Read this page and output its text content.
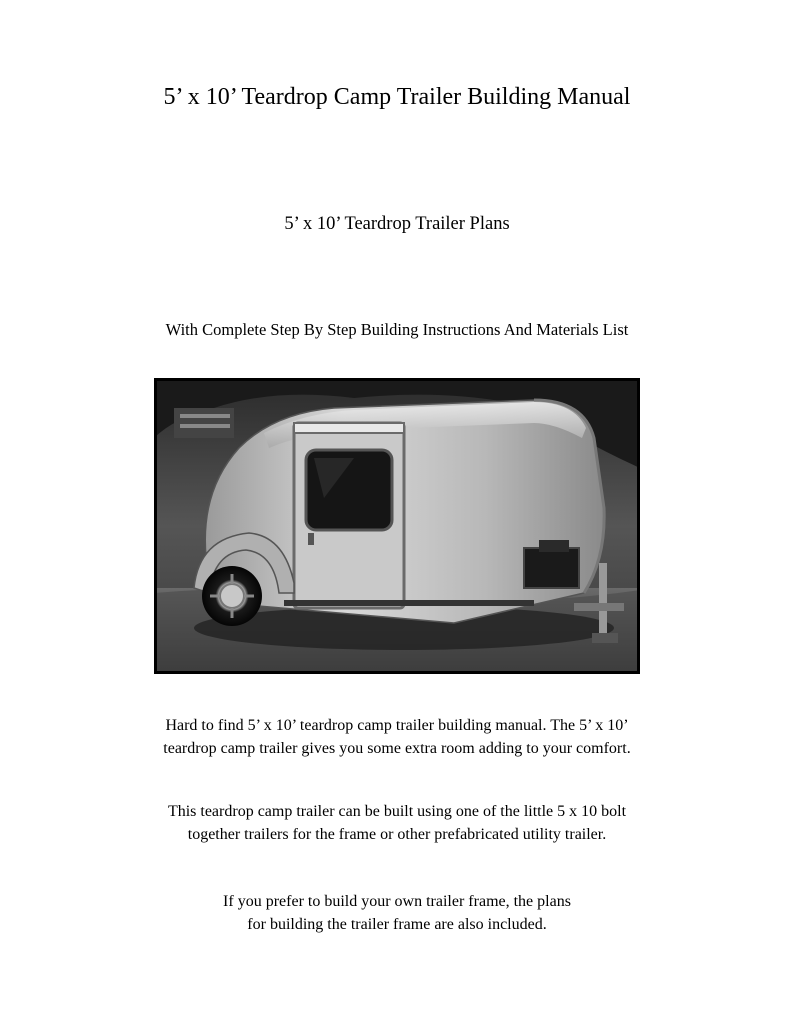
5’ x 10’ Teardrop Camp Trailer Building Manual
5’ x 10’ Teardrop Trailer Plans
With Complete Step By Step Building Instructions And Materials List
Hard to find 5’ x 10’ teardrop camp trailer building manual. The 5’ x 10’
teardrop camp trailer gives you some extra room adding to your comfort.
This teardrop camp trailer can be built using one of the little 5 x 10 bolt
together trailers for the frame or other prefabricated utility trailer.
If you prefer to build your own trailer frame, the plans
for building the trailer frame are also included.
